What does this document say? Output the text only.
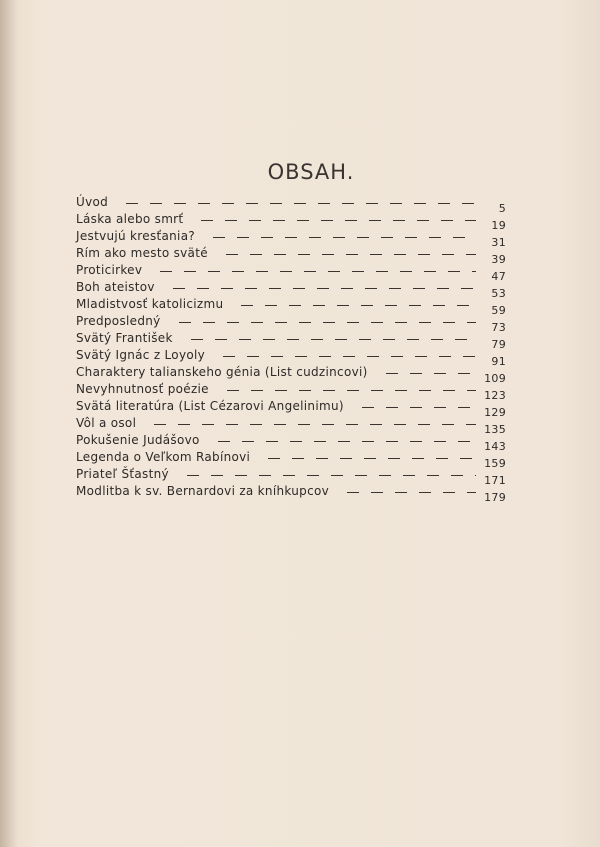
OBSAH.
Úvod	5
Láska alebo smrť	19
Jestvujú kresťania?	31
Rím ako mesto sväté	39
Proticirkev	47
Boh ateistov	53
Mladistvosť katolicizmu	59
Predposledný	73
Svätý František	79
Svätý Ignác z Loyoly	91
Charaktery talianskeho génia (List cudzincovi)	109
Nevyhnutnosť poézie	123
Svätá literatúra (List Cézarovi Angelinimu)	129
Vôl a osol	135
Pokušenie Judášovo	143
Legenda o Veľkom Rabínovi	159
Priateľ Šťastný	171
Modlitba k sv. Bernardovi za kníhkupcov	179
